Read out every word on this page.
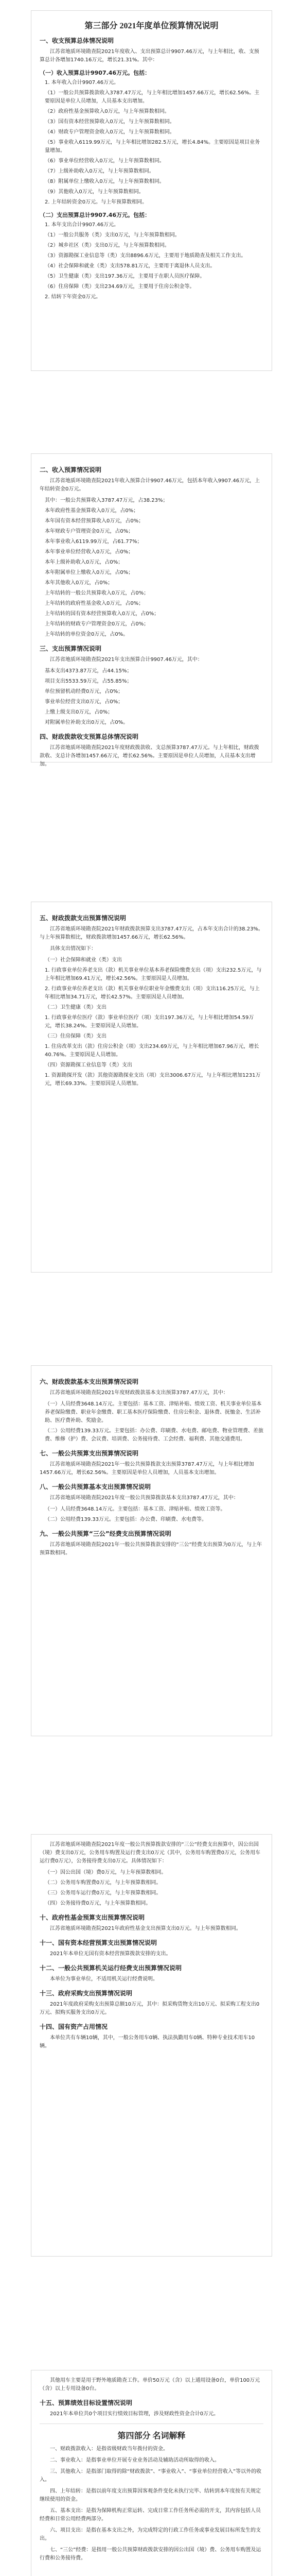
第三部分 2021年度单位预算情况说明
一、收支预算总体情况说明
江苏省地质环境勘查院2021年度收入、支出预算总计9907.46万元，与上年相比，收、支预算总计各增加1740.16万元，增长21.31%。其中：
（一）收入预算总计9907.46万元。包括：
1. 本年收入合计9907.46万元。
（1）一般公共预算拨款收入3787.47万元，与上年相比增加1457.66万元，增长62.56%。主要原因是单位人员增加，人员基本支出增加。
（2）政府性基金预算收入0万元，与上年预算数相同。
（3）国有资本经营预算收入0万元，与上年预算数相同。
（4）财政专户管理资金收入0万元，与上年预算数相同。
（5）事业收入6119.99万元，与上年相比增加282.5万元，增长4.84%。主要原因是项目业务量增加。
（6）事业单位经营收入0万元，与上年预算数相同。
（7）上级补助收入0万元，与上年预算数相同。
（8）附属单位上缴收入0万元，与上年预算数相同。
（9）其他收入0万元，与上年预算数相同。
2. 上年结转资金0万元。与上年预算数相同。
（二）支出预算总计9907.46万元。包括：
1. 本年支出合计9907.46万元。
（1）一般公共服务（类）支出0万元，与上年预算数相同。
（2）城乡社区（类）支出0万元，与上年预算数相同。
（3）资源勘探工业信息等（类）支出8896.6万元，主要用于地质勘查及相关工作支出。
（4）社会保障和就业（类）支出578.81万元，主要用于离退休人员支出。
（5）卫生健康（类）支出197.36万元，主要用于在职人员医疗保障。
（6）住房保障（类）支出234.69万元，主要用于住房公积金等。
2. 结转下年资金0万元。
二、收入预算情况说明
江苏省地质环境勘查院2021年收入预算合计9907.46万元，包括本年收入9907.46万元，上年结转资金0万元。
其中：一般公共预算收入3787.47万元，占38.23%；
本年政府性基金预算收入0万元，占0%；
本年国有资本经营预算收入0万元，占0%；
本年财政专户管理资金0万元，占0%；
本年事业收入6119.99万元，占61.77%；
本年事业单位经营收入0万元，占0%；
本年上级补助收入0万元，占0%；
本年附属单位上缴收入0万元，占0%；
本年其他收入0万元，占0%；
上年结转的一般公共预算收入0万元，占0%；
上年结转的政府性基金收入0万元，占0%；
上年结转的国有资本经营预算收入0万元，占0%；
上年结转的财政专户管理资金0万元，占0%；
上年结转的单位资金0万元，占0%。
三、支出预算情况说明
江苏省地质环境勘查院2021年支出预算合计9907.46万元，其中：
基本支出4373.87万元，占44.15%；
项目支出5533.59万元，占55.85%；
单位预留机动经费0万元，占0%；
事业单位经营支出0万元，占0%；
上缴上级支出0万元，占0%；
对附属单位补助支出0万元，占0%。
四、财政拨款收支预算总体情况说明
江苏省地质环境勘查院2021年度财政拨款收、支总预算3787.47万元。与上年相比，财政拨款收、支总计各增加1457.66万元，增长62.56%。主要原因是单位人员增加，人员基本支出增加。
五、财政拨款支出预算情况说明
江苏省地质环境勘查院2021年财政拨款预算支出3787.47万元，占本年支出合计的38.23%。与上年预算数相比，财政拨款增加1457.66万元，增长62.56%。
具体支出情况如下：
（一）社会保障和就业（类）支出
1. 行政事业单位养老支出（款）机关事业单位基本养老保险缴费支出（项）支出232.5万元，与上年相比增加69.41万元，增长42.56%。主要原因是人员增加。
2. 行政事业单位养老支出（款）机关事业单位职业年金缴费支出（项）支出116.25万元，与上年相比增加34.71万元，增长42.57%。主要原因是人员增加。
（二）卫生健康（类）支出
1. 行政事业单位医疗（款）事业单位医疗（项）支出197.36万元，与上年相比增加54.59万元，增长38.24%。主要原因是人员增加。
（三）住房保障（类）支出
1. 住房改革支出（款）住房公积金（项）支出234.69万元，与上年相比增加67.96万元，增长40.76%。主要原因是人员增加。
（四）资源勘探工业信息等（类）支出
1. 资源勘探开发（款）其他资源勘探业支出（项）支出3006.67万元，与上年相比增加1231万元，增长69.33%。主要原因是人员增加。
六、财政拨款基本支出预算情况说明
江苏省地质环境勘查院2021年度财政拨款基本支出预算3787.47万元，其中：
（一）人员经费3648.14万元。主要包括：基本工资、津贴补贴、绩效工资、机关事业单位基本养老保险缴费、职业年金缴费、职工基本医疗保险缴费、住房公积金、退休费、抚恤金、生活补助、医疗费补助、奖励金。
（二）公用经费139.33万元。主要包括：办公费、印刷费、水电费、邮电费、物业管理费、差旅费、维修（护）费、会议费、培训费、公务接待费、工会经费、福利费、其他交通费用。
七、一般公共预算支出预算情况说明
江苏省地质环境勘查院2021年一般公共预算拨款支出预算3787.47万元，与上年相比增加1457.66万元，增长62.56%。主要原因是单位人员增加，人员基本支出增加。
八、一般公共预算基本支出预算情况说明
江苏省地质环境勘查院2021年度一般公共预算拨款基本支出3787.47万元，其中：
（一）人员经费3648.14万元。主要包括：基本工资、津贴补贴、绩效工资等。
（二）公用经费139.33万元。主要包括：办公费、印刷费、水电费等。
九、一般公共预算“三公”经费支出预算情况说明
江苏省地质环境勘查院2021年一般公共预算拨款安排的“三公”经费支出预算为0万元，与上年预算数相同。
江苏省地质环境勘查院2021年度一般公共预算拨款安排的“三公”经费支出预算中，因公出国（境）费支出0万元，公务用车购置及运行费支出0万元（其中，公务用车购置费0万元，公务用车运行费0万元），公务接待费支出0万元。具体情况如下：
（一）因公出国（境）费0万元，与上年预算数相同。
（二）公务用车购置费0万元，与上年预算数相同。
（三）公务用车运行费0万元，与上年预算数相同。
（四）公务接待费0万元，与上年预算数相同。
十、政府性基金预算支出预算情况说明
江苏省地质环境勘查院2021年政府性基金支出预算支出0万元。与上年预算数相同。
十一、国有资本经营预算支出预算情况说明
2021年本单位无国有资本经营预算拨款安排的支出。
十二、一般公共预算机关运行经费支出预算情况说明
本单位为事业单位，不适用机关运行经费说明。
十三、政府采购支出预算情况说明
2021年度政府采购支出预算总额10万元，其中：拟采购货物支出10万元、拟采购工程支出0万元、拟购买服务支出0万元。
十四、国有资产占用情况
本单位共有车辆10辆，其中，一般公务用车0辆、执法执勤用车0辆、特种专业技术用车10辆。
其他用车主要是用于野外地质勘查工作。单价50万元（含）以上通用设备0台，单价100万元（含）以上专用设备0台。
十五、预算绩效目标设置情况说明
2021年本单位共0个项目实行绩效目标管理，涉及财政性资金合计0万元。
第四部分 名词解释
一、财政拨款收入：是指省级财政当年拨付的资金。
二、事业收入：是指事业单位开展专业业务活动及辅助活动所取得的收入。
三、其他收入：是指部门取得的除“财政拨款”、“事业收入”、“事业单位经营收入”等以外的收入。
四、上年结转：是指以前年度支出预算因客观条件变化未执行完毕、结转到本年度按有关规定继续使用的资金。
五、基本支出：是指为保障机构正常运转、完成日常工作任务所必需的开支，其内容包括人员经费和日常公用经费两部分。
六、项目支出：是指在基本支出之外，为完成特定的行政工作任务或事业发展目标所发生的支出。
七、“三公”经费：是指用一般公共预算财政拨款安排的因公出国（境）费、公务用车购置及运行费和公务接待费。
